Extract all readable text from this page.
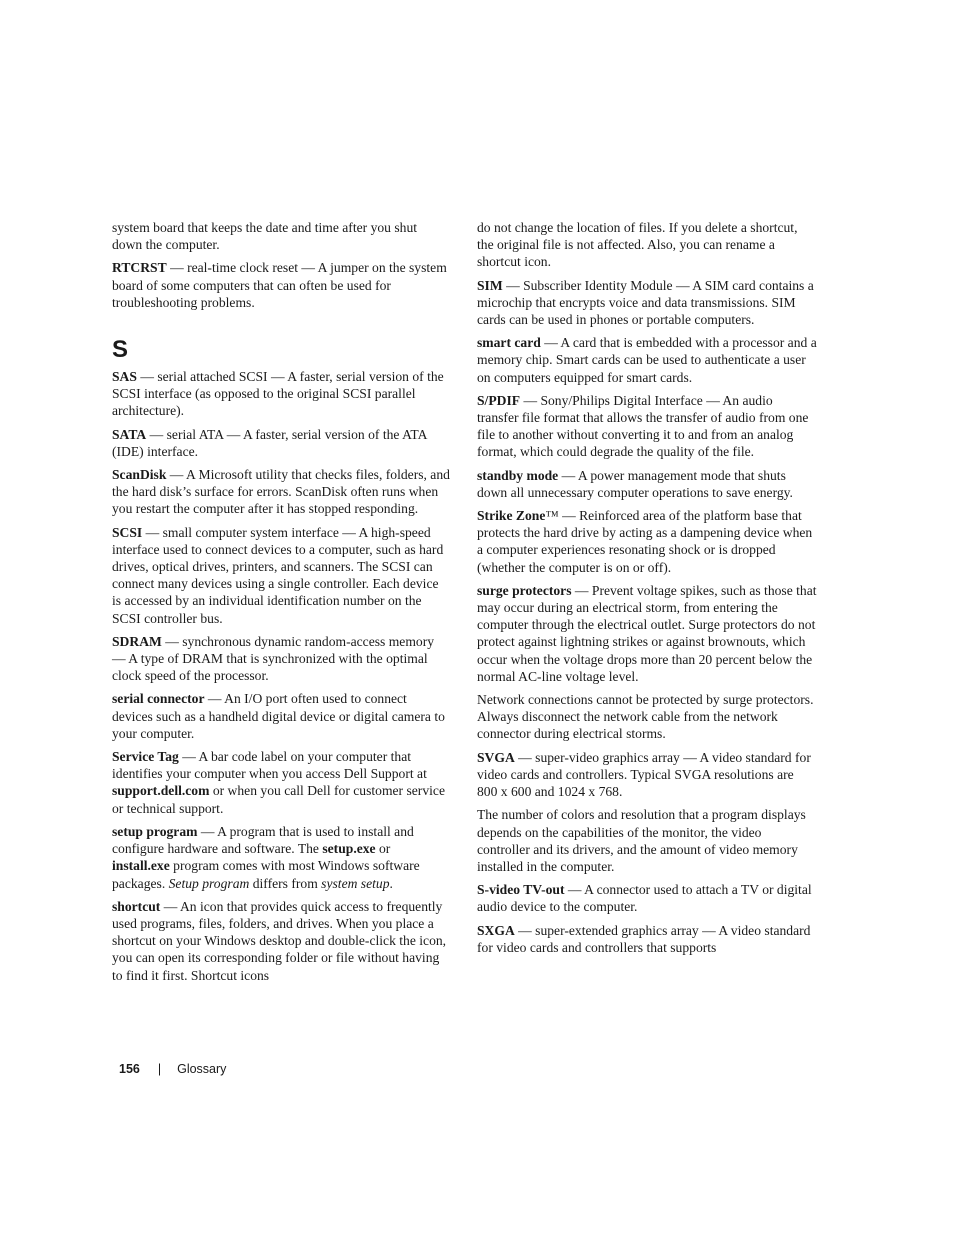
system board that keeps the date and time after you shut down the computer.

RTCRST — real-time clock reset — A jumper on the system board of some computers that can often be used for troubleshooting problems.

S

SAS — serial attached SCSI — A faster, serial version of the SCSI interface (as opposed to the original SCSI parallel architecture).

SATA — serial ATA — A faster, serial version of the ATA (IDE) interface.

ScanDisk — A Microsoft utility that checks files, folders, and the hard disk’s surface for errors. ScanDisk often runs when you restart the computer after it has stopped responding.

SCSI — small computer system interface — A high-speed interface used to connect devices to a computer, such as hard drives, optical drives, printers, and scanners. The SCSI can connect many devices using a single controller. Each device is accessed by an individual identification number on the SCSI controller bus.

SDRAM — synchronous dynamic random-access memory — A type of DRAM that is synchronized with the optimal clock speed of the processor.

serial connector — An I/O port often used to connect devices such as a handheld digital device or digital camera to your computer.

Service Tag — A bar code label on your computer that identifies your computer when you access Dell Support at support.dell.com or when you call Dell for customer service or technical support.

setup program — A program that is used to install and configure hardware and software. The setup.exe or install.exe program comes with most Windows software packages. Setup program differs from system setup.

shortcut — An icon that provides quick access to frequently used programs, files, folders, and drives. When you place a shortcut on your Windows desktop and double-click the icon, you can open its corresponding folder or file without having to find it first. Shortcut icons

do not change the location of files. If you delete a shortcut, the original file is not affected. Also, you can rename a shortcut icon.

SIM — Subscriber Identity Module — A SIM card contains a microchip that encrypts voice and data transmissions. SIM cards can be used in phones or portable computers.

smart card — A card that is embedded with a processor and a memory chip. Smart cards can be used to authenticate a user on computers equipped for smart cards.

S/PDIF — Sony/Philips Digital Interface — An audio transfer file format that allows the transfer of audio from one file to another without converting it to and from an analog format, which could degrade the quality of the file.

standby mode — A power management mode that shuts down all unnecessary computer operations to save energy.

Strike Zone™ — Reinforced area of the platform base that protects the hard drive by acting as a dampening device when a computer experiences resonating shock or is dropped (whether the computer is on or off).

surge protectors — Prevent voltage spikes, such as those that may occur during an electrical storm, from entering the computer through the electrical outlet. Surge protectors do not protect against lightning strikes or against brownouts, which occur when the voltage drops more than 20 percent below the normal AC-line voltage level.

Network connections cannot be protected by surge protectors. Always disconnect the network cable from the network connector during electrical storms.

SVGA — super-video graphics array — A video standard for video cards and controllers. Typical SVGA resolutions are 800 x 600 and 1024 x 768.

The number of colors and resolution that a program displays depends on the capabilities of the monitor, the video controller and its drivers, and the amount of video memory installed in the computer.

S-video TV-out — A connector used to attach a TV or digital audio device to the computer.

SXGA — super-extended graphics array — A video standard for video cards and controllers that supports

156 | Glossary
